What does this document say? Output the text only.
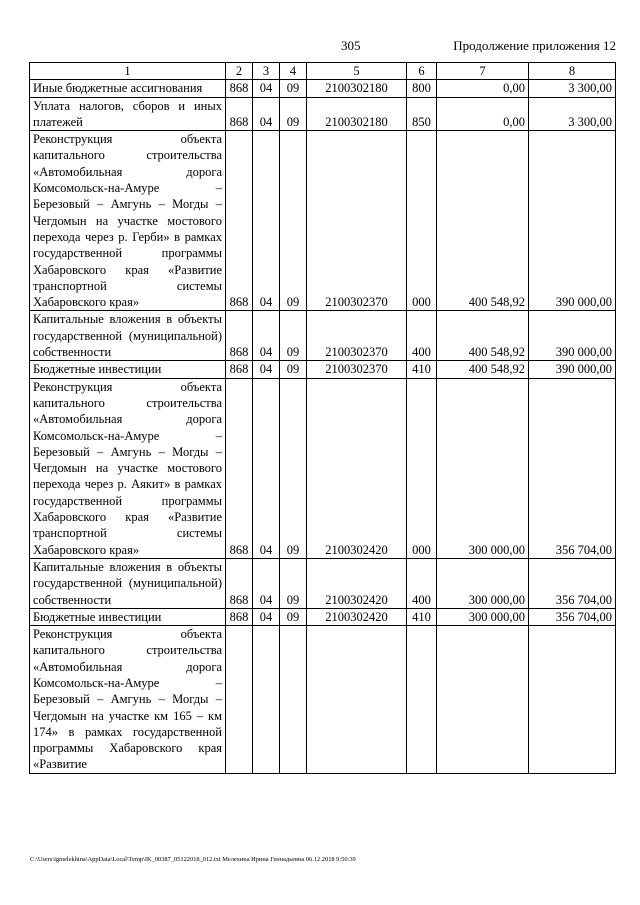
305	Продолжение приложения 12
1	2	3	4	5	6	7	8
Иные бюджетные ассигнования	868	04	09	2100302180	800	0,00	3 300,00
Уплата налогов, сборов и иных платежей	868	04	09	2100302180	850	0,00	3 300,00
Реконструкция объекта капитального строительства «Автомобильная дорога Комсомольск-на-Амуре – Березовый – Амгунь – Могды – Чегдомын на участке мостового перехода через р. Герби» в рамках государственной программы Хабаровского края «Развитие транспортной системы Хабаровского края»	868	04	09	2100302370	000	400 548,92	390 000,00
Капитальные вложения в объекты государственной (муниципальной) собственности	868	04	09	2100302370	400	400 548,92	390 000,00
Бюджетные инвестиции	868	04	09	2100302370	410	400 548,92	390 000,00
Реконструкция объекта капитального строительства «Автомобильная дорога Комсомольск-на-Амуре – Березовый – Амгунь – Могды – Чегдомын на участке мостового перехода через р. Аякит» в рамках государственной программы Хабаровского края «Развитие транспортной системы Хабаровского края»	868	04	09	2100302420	000	300 000,00	356 704,00
Капитальные вложения в объекты государственной (муниципальной) собственности	868	04	09	2100302420	400	300 000,00	356 704,00
Бюджетные инвестиции	868	04	09	2100302420	410	300 000,00	356 704,00
Реконструкция объекта капитального строительства «Автомобильная дорога Комсомольск-на-Амуре – Березовый – Амгунь – Могды – Чегдомын на участке км 165 – км 174» в рамках государственной программы Хабаровского края «Развитие							
C:\Users\igmelekhina\AppData\Local\Temp\IK_00387_05122018_012.txt Мелехина Ирина Геннадьевна 06.12.2018 9:50:39
